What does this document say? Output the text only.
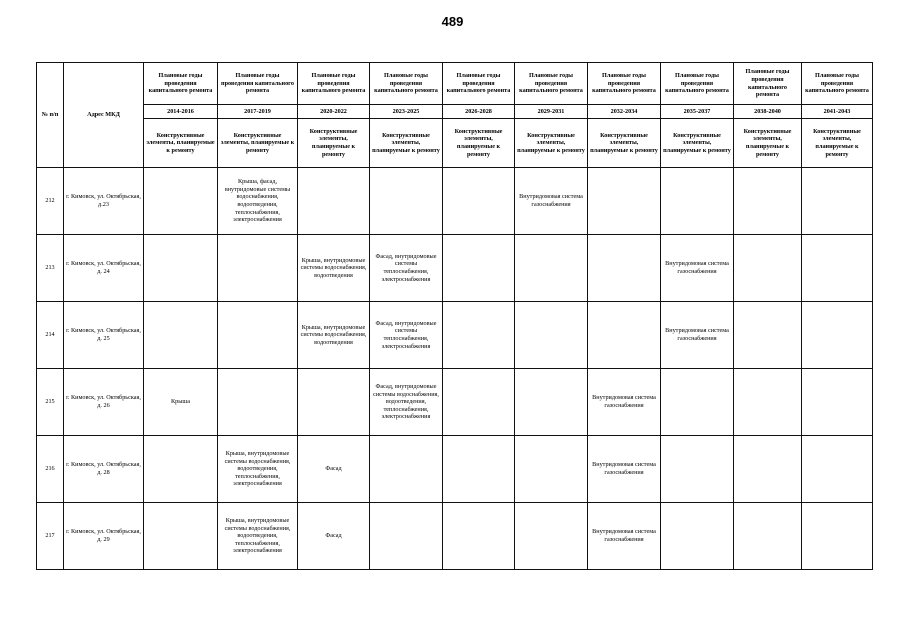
489
№ п/п	Адрес МКД	Плановые годы проведения капитального ремонта	Плановые годы проведения капитального ремонта	Плановые годы проведения капитального ремонта	Плановые годы проведения капитального ремонта	Плановые годы проведения капитального ремонта	Плановые годы проведения капитального ремонта	Плановые годы проведения капитального ремонта	Плановые годы проведения капитального ремонта	Плановые годы проведения капитального ремонта	Плановые годы проведения капитального ремонта
		2014-2016	2017-2019	2020-2022	2023-2025	2026-2028	2029-2031	2032-2034	2035-2037	2038-2040	2041-2043
		Конструктивные элементы, планируемые к ремонту	Конструктивные элементы, планируемые к ремонту	Конструктивные элементы, планируемые к ремонту	Конструктивные элементы, планируемые к ремонту	Конструктивные элементы, планируемые к ремонту	Конструктивные элементы, планируемые к ремонту	Конструктивные элементы, планируемые к ремонту	Конструктивные элементы, планируемые к ремонту	Конструктивные элементы, планируемые к ремонту	Конструктивные элементы, планируемые к ремонту
212	г. Кимовск, ул. Октябрьская, д.23		Крыша, фасад, внутридомовые системы водоснабжения, водоотведения, теплоснабжения, электроснабжения				Внутридомовая система газоснабжения				
213	г. Кимовск, ул. Октябрьская, д. 24			Крыша, внутридомовые системы водоснабжения, водоотведения	Фасад, внутридомовые системы теплоснабжения, электроснабжения				Внутридомовая система газоснабжения		
214	г. Кимовск, ул. Октябрьская, д. 25			Крыша, внутридомовые системы водоснабжения, водоотведения	Фасад, внутридомовые системы теплоснабжения, электроснабжения				Внутридомовая система газоснабжения		
215	г. Кимовск, ул. Октябрьская, д. 26	Крыша			Фасад, внутридомовые системы водоснабжения, водоотведения, теплоснабжения, электроснабжения			Внутридомовая система газоснабжения			
216	г. Кимовск, ул. Октябрьская, д. 28		Крыша, внутридомовые системы водоснабжения, водоотведения, теплоснабжения, электроснабжения	Фасад				Внутридомовая система газоснабжения			
217	г. Кимовск, ул. Октябрьская, д. 29		Крыша, внутридомовые системы водоснабжения, водоотведения, теплоснабжения, электроснабжения	Фасад				Внутридомовая система газоснабжения			
